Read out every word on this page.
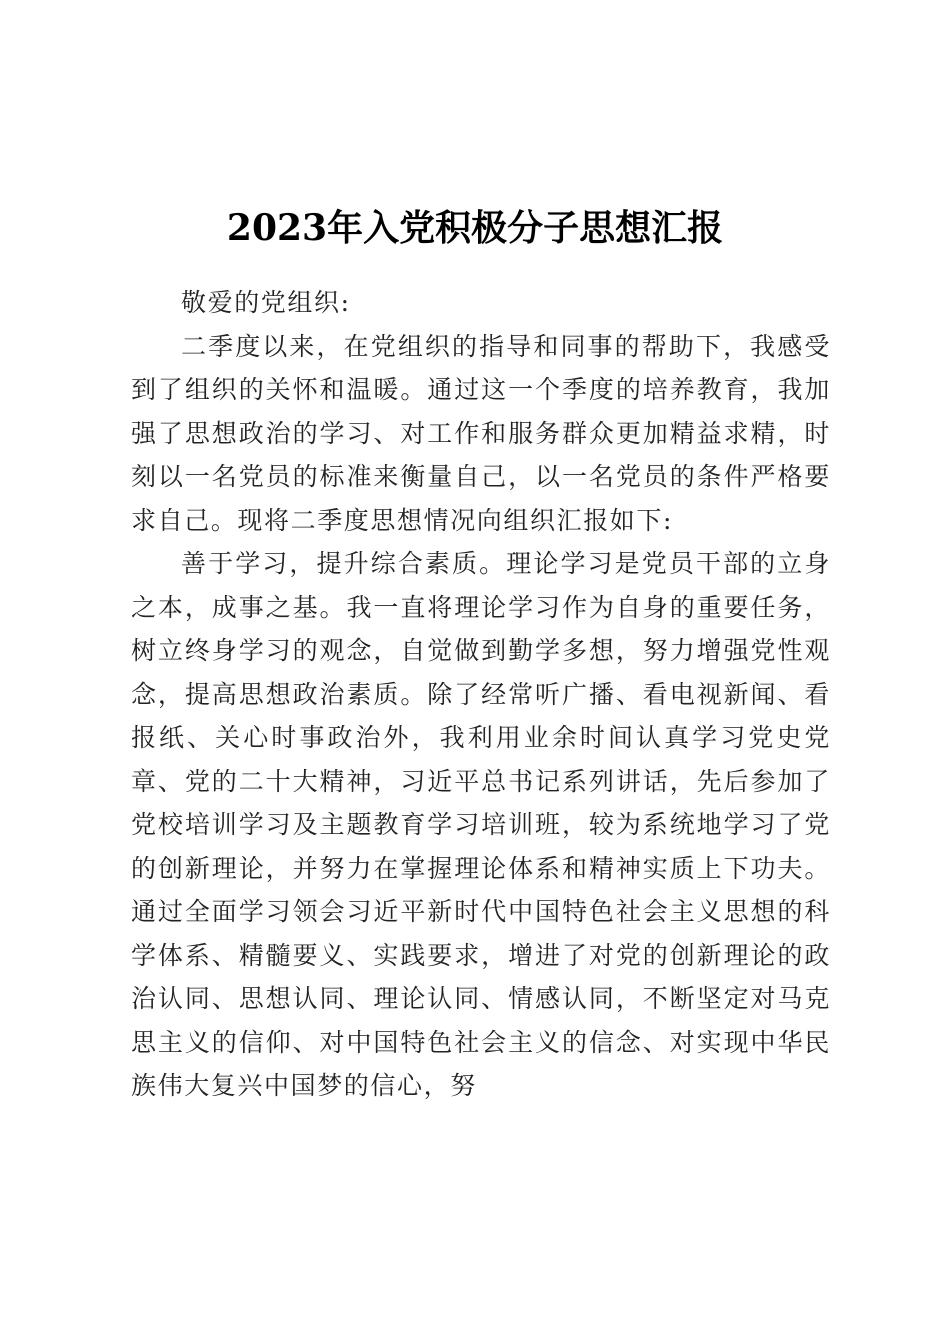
2023年入党积极分子思想汇报

敬爱的党组织:

二季度以来，在党组织的指导和同事的帮助下，我感受到了组织的关怀和温暖。通过这一个季度的培养教育，我加强了思想政治的学习、对工作和服务群众更加精益求精，时刻以一名党员的标准来衡量自己，以一名党员的条件严格要求自己。现将二季度思想情况向组织汇报如下:

善于学习，提升综合素质。理论学习是党员干部的立身之本，成事之基。我一直将理论学习作为自身的重要任务，树立终身学习的观念，自觉做到勤学多想，努力增强党性观念，提高思想政治素质。除了经常听广播、看电视新闻、看报纸、关心时事政治外，我利用业余时间认真学习党史党章、党的二十大精神，习近平总书记系列讲话，先后参加了党校培训学习及主题教育学习培训班，较为系统地学习了党的创新理论，并努力在掌握理论体系和精神实质上下功夫。通过全面学习领会习近平新时代中国特色社会主义思想的科学体系、精髓要义、实践要求，增进了对党的创新理论的政治认同、思想认同、理论认同、情感认同，不断坚定对马克思主义的信仰、对中国特色社会主义的信念、对实现中华民族伟大复兴中国梦的信心，努
